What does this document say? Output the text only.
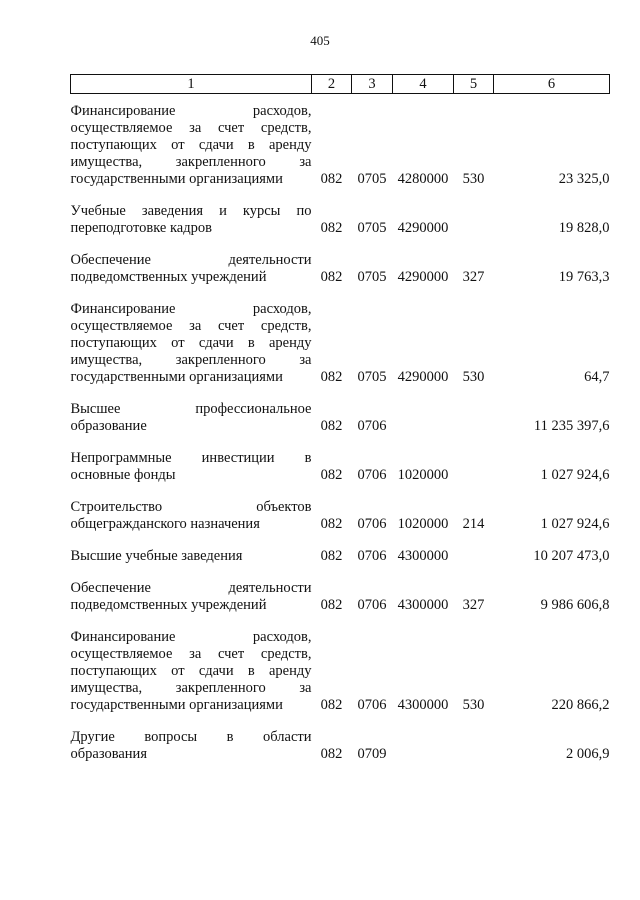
405
1	2	3	4	5	6

Финансирование расходов, осуществляемое за счет средств, поступающих от сдачи в аренду имущества, закрепленного за государственными организациями	082	0705	4280000	530	23 325,0
Учебные заведения и курсы по переподготовке кадров	082	0705	4290000		19 828,0
Обеспечение деятельности подведомственных учреждений	082	0705	4290000	327	19 763,3
Финансирование расходов, осуществляемое за счет средств, поступающих от сдачи в аренду имущества, закрепленного за государственными организациями	082	0705	4290000	530	64,7
Высшее профессиональное образование	082	0706			11 235 397,6
Непрограммные инвестиции в основные фонды	082	0706	1020000		1 027 924,6
Строительство объектов общегражданского назначения	082	0706	1020000	214	1 027 924,6
Высшие учебные заведения	082	0706	4300000		10 207 473,0
Обеспечение деятельности подведомственных учреждений	082	0706	4300000	327	9 986 606,8
Финансирование расходов, осуществляемое за счет средств, поступающих от сдачи в аренду имущества, закрепленного за государственными организациями	082	0706	4300000	530	220 866,2
Другие вопросы в области образования	082	0709			2 006,9
